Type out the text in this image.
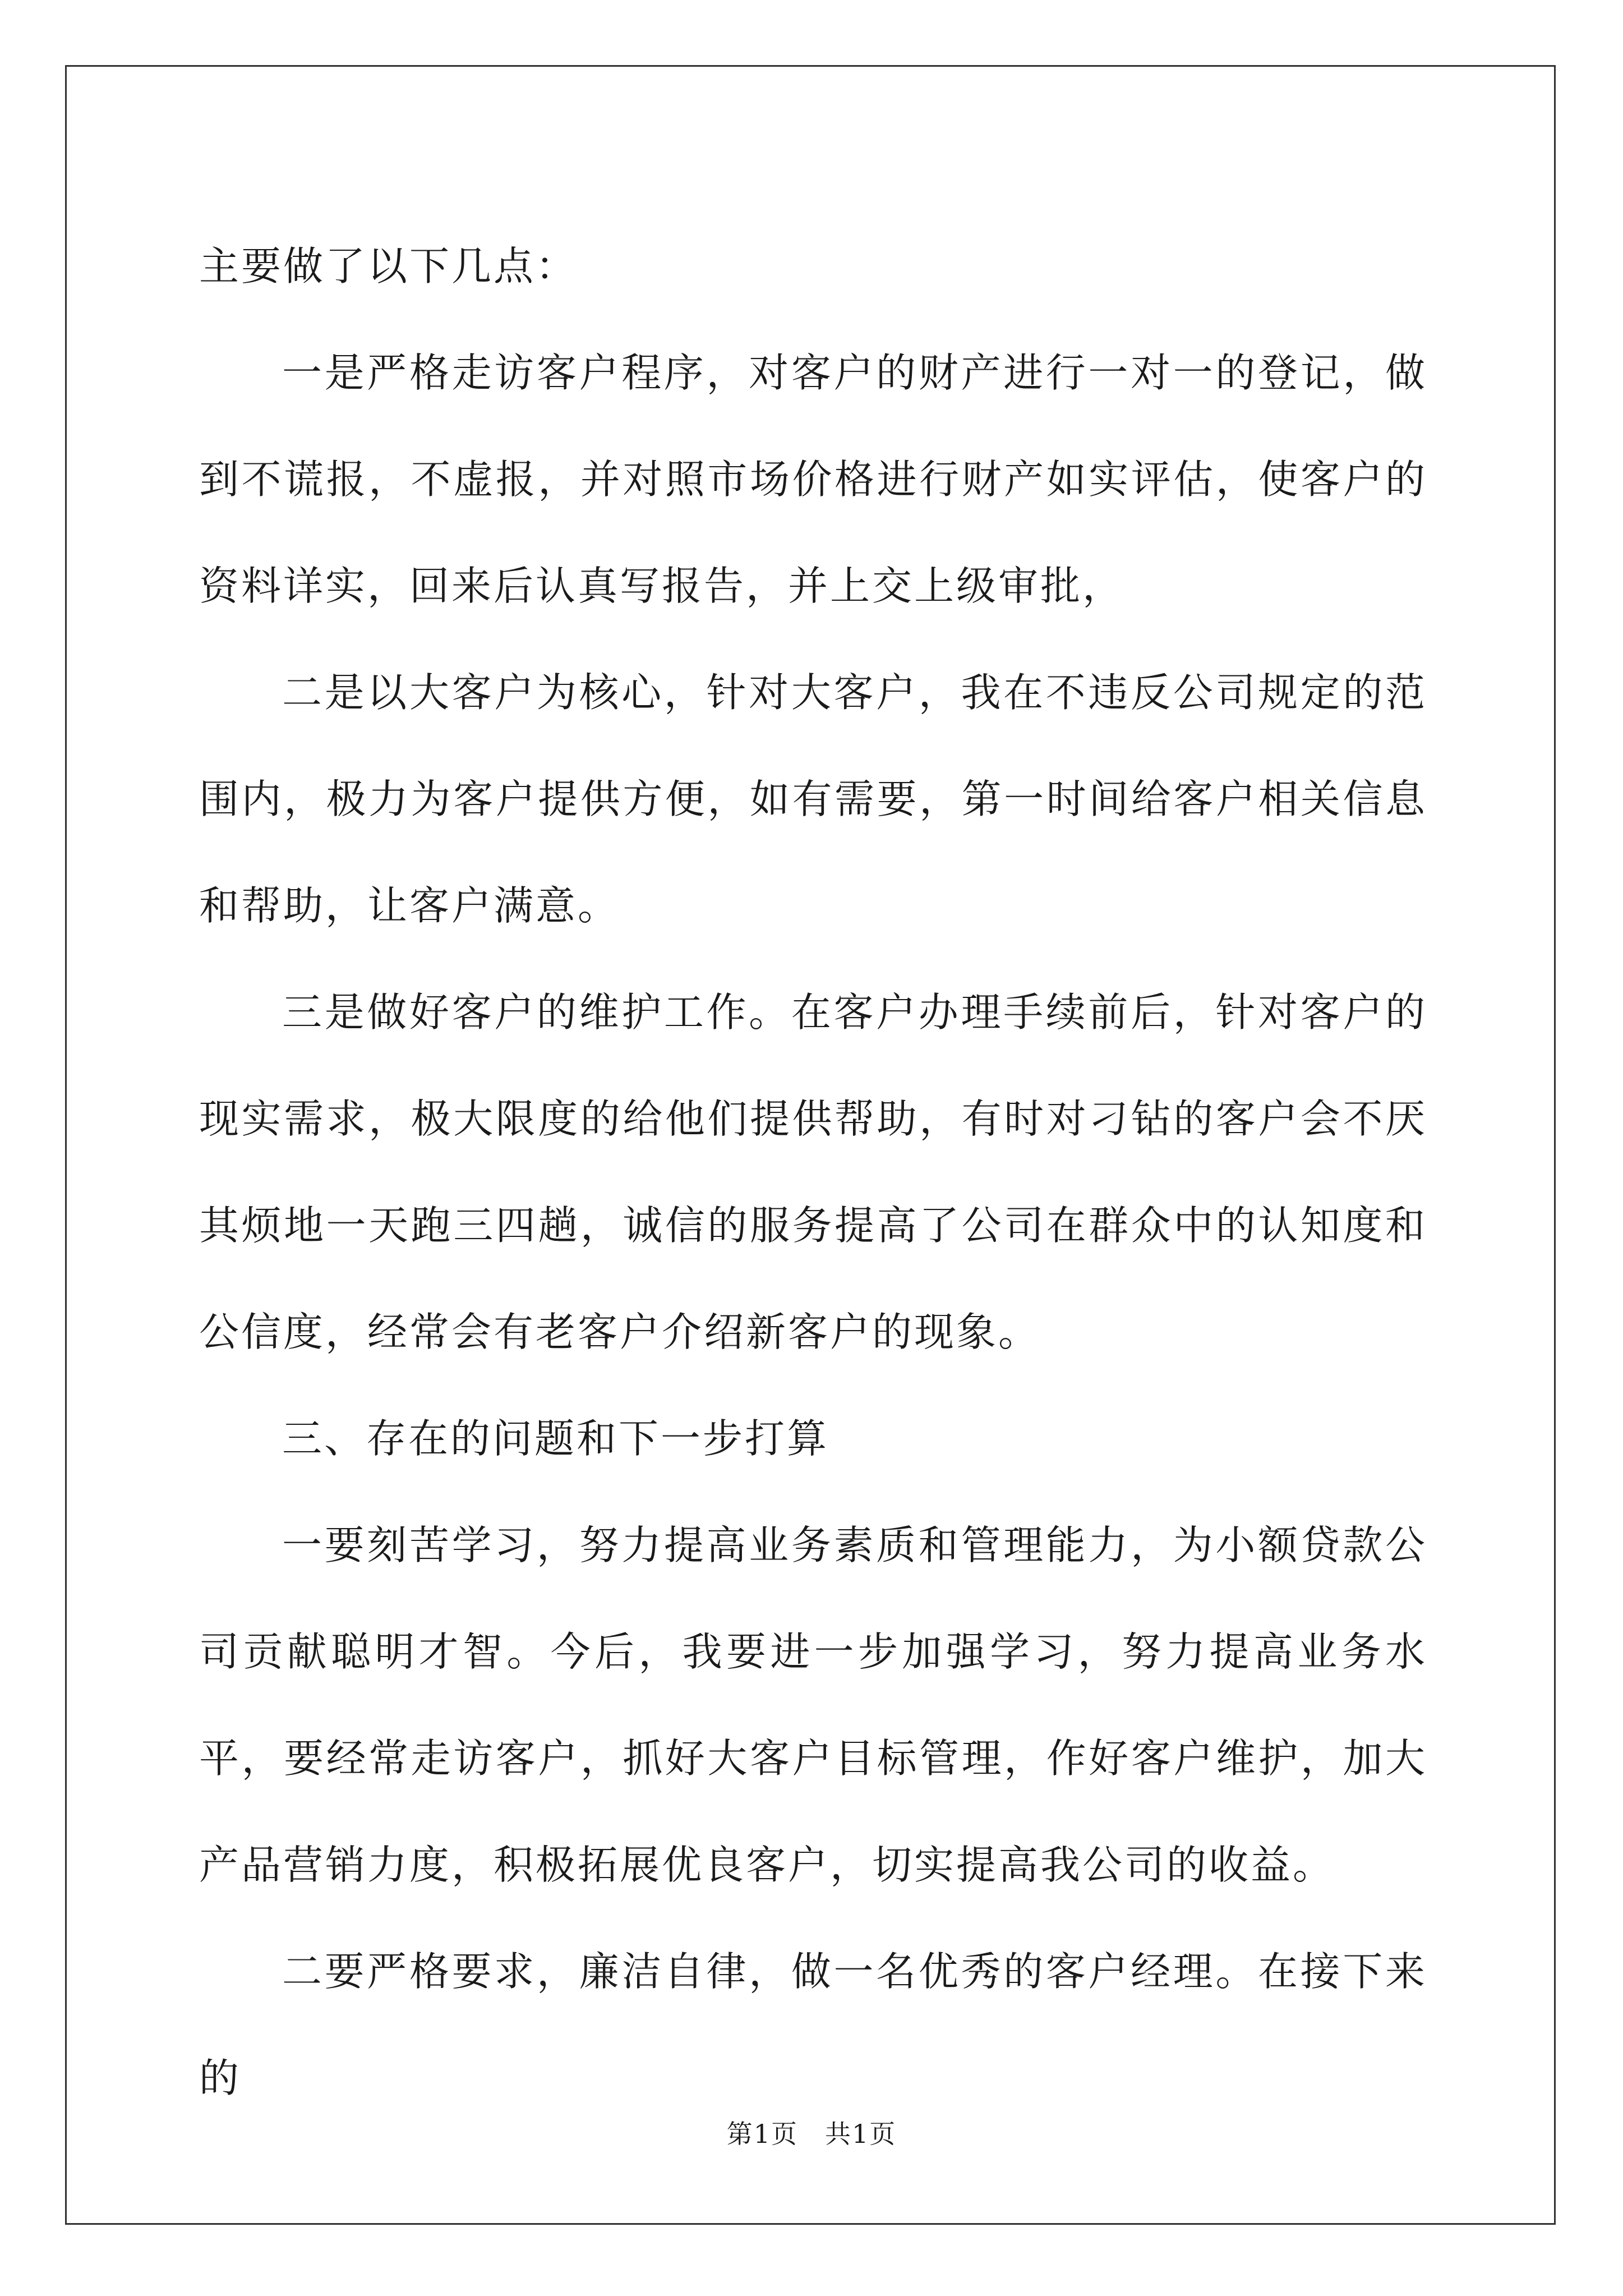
主要做了以下几点：

一是严格走访客户程序，对客户的财产进行一对一的登记，做到不谎报，不虚报，并对照市场价格进行财产如实评估，使客户的资料详实，回来后认真写报告，并上交上级审批，

二是以大客户为核心，针对大客户，我在不违反公司规定的范围内，极力为客户提供方便，如有需要，第一时间给客户相关信息和帮助，让客户满意。

三是做好客户的维护工作。在客户办理手续前后，针对客户的现实需求，极大限度的给他们提供帮助，有时对刁钻的客户会不厌其烦地一天跑三四趟，诚信的服务提高了公司在群众中的认知度和公信度，经常会有老客户介绍新客户的现象。

三、存在的问题和下一步打算

一要刻苦学习，努力提高业务素质和管理能力，为小额贷款公司贡献聪明才智。今后，我要进一步加强学习，努力提高业务水平，要经常走访客户，抓好大客户目标管理，作好客户维护，加大产品营销力度，积极拓展优良客户，切实提高我公司的收益。

二要严格要求，廉洁自律，做一名优秀的客户经理。在接下来的

第1页　共1页
